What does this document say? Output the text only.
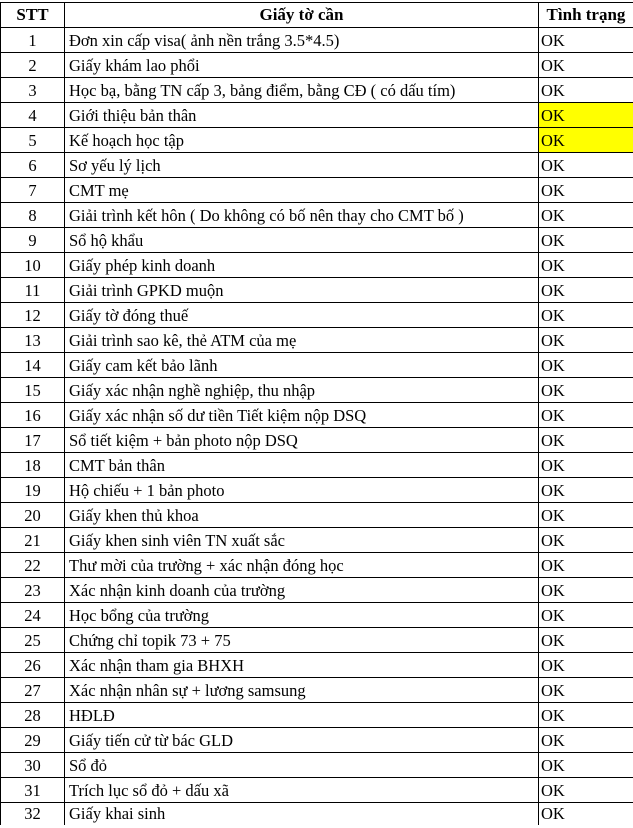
STT	Giấy tờ cần	Tình trạng
1	Đơn xin cấp visa( ảnh nền trắng 3.5*4.5)	OK
2	Giấy khám lao phổi	OK
3	Học bạ, bằng TN cấp 3, bảng điểm, bằng CĐ ( có dấu tím)	OK
4	Giới thiệu bản thân	OK
5	Kế hoạch học tập	OK
6	Sơ yếu lý lịch	OK
7	CMT mẹ	OK
8	Giải trình kết hôn ( Do không có bố nên thay cho CMT bố )	OK
9	Sổ hộ khẩu	OK
10	Giấy phép kinh doanh	OK
11	Giải trình GPKD muộn	OK
12	Giấy tờ đóng thuế	OK
13	Giải trình sao kê, thẻ ATM của mẹ	OK
14	Giấy cam kết bảo lãnh	OK
15	Giấy xác nhận nghề nghiệp, thu nhập	OK
16	Giấy xác nhận số dư tiền Tiết kiệm nộp DSQ	OK
17	Sổ tiết kiệm + bản photo nộp DSQ	OK
18	CMT bản thân	OK
19	Hộ chiếu + 1 bản photo	OK
20	Giấy khen thủ khoa	OK
21	Giấy khen sinh viên TN xuất sắc	OK
22	Thư mời của trường + xác nhận đóng học	OK
23	Xác nhận kinh doanh của trường	OK
24	Học bổng của trường	OK
25	Chứng chỉ topik 73 + 75	OK
26	Xác nhận tham gia BHXH	OK
27	Xác nhận nhân sự + lương samsung	OK
28	HĐLĐ	OK
29	Giấy tiến cử từ bác GLD	OK
30	Sổ đỏ	OK
31	Trích lục sổ đỏ + dấu xã	OK
32	Giấy khai sinh	OK
